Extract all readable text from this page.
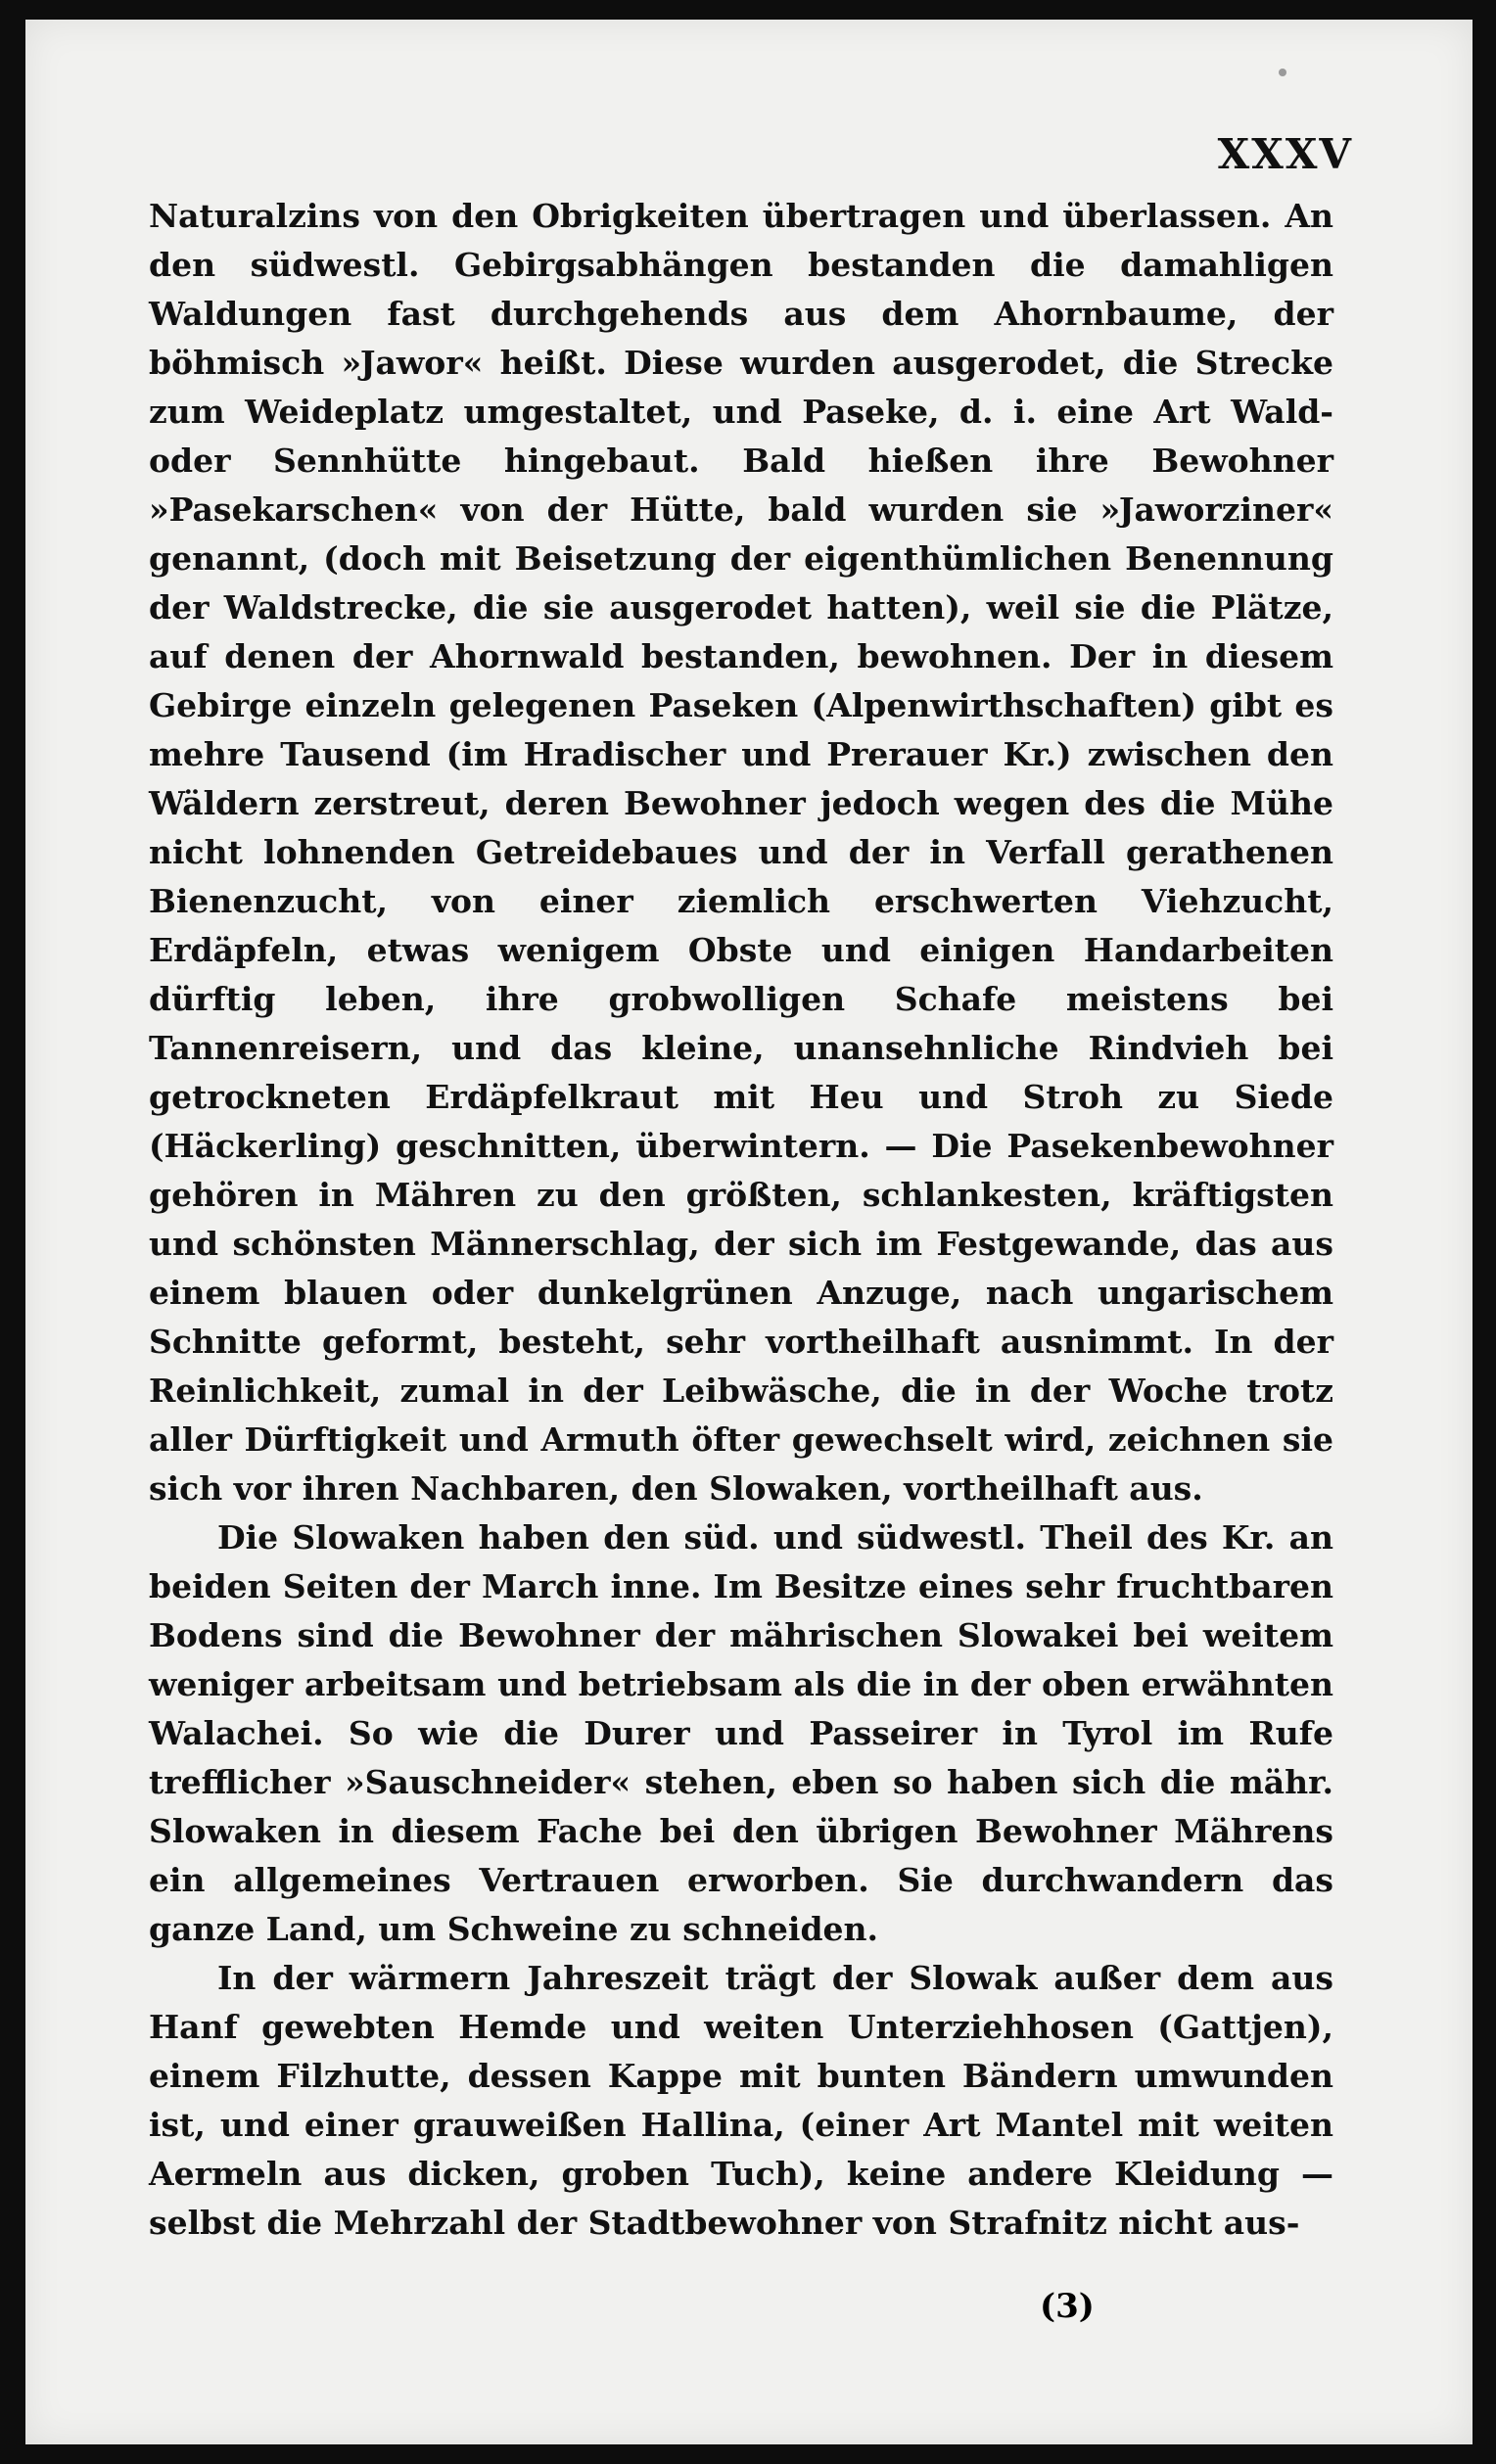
XXXV

Naturalzins von den Obrigkeiten übertragen und überlassen. An den südwestl. Gebirgsabhängen bestanden die damahligen Waldungen fast durchgehends aus dem Ahornbaume, der böhmisch »Jawor« heißt. Diese wurden ausgerodet, die Strecke zum Weideplatz umgestaltet, und Paseke, d. i. eine Art Wald- oder Sennhütte hingebaut. Bald hießen ihre Bewohner »Pasekarschen« von der Hütte, bald wurden sie »Jaworziner« genannt, (doch mit Beisetzung der eigenthümlichen Benennung der Waldstrecke, die sie ausgerodet hatten), weil sie die Plätze, auf denen der Ahornwald bestanden, bewohnen. Der in diesem Gebirge einzeln gelegenen Paseken (Alpenwirthschaften) gibt es mehre Tausend (im Hradischer und Prerauer Kr.) zwischen den Wäldern zerstreut, deren Bewohner jedoch wegen des die Mühe nicht lohnenden Getreidebaues und der in Verfall gerathenen Bienenzucht, von einer ziemlich erschwerten Viehzucht, Erdäpfeln, etwas wenigem Obste und einigen Handarbeiten dürftig leben, ihre grobwolligen Schafe meistens bei Tannenreisern, und das kleine, unansehnliche Rindvieh bei getrockneten Erdäpfelkraut mit Heu und Stroh zu Siede (Häckerling) geschnitten, überwintern. — Die Pasekenbewohner gehören in Mähren zu den größten, schlankesten, kräftigsten und schönsten Männerschlag, der sich im Festgewande, das aus einem blauen oder dunkelgrünen Anzuge, nach ungarischem Schnitte geformt, besteht, sehr vortheilhaft ausnimmt. In der Reinlichkeit, zumal in der Leibwäsche, die in der Woche trotz aller Dürftigkeit und Armuth öfter gewechselt wird, zeichnen sie sich vor ihren Nachbaren, den Slowaken, vortheilhaft aus.

Die Slowaken haben den süd. und südwestl. Theil des Kr. an beiden Seiten der March inne. Im Besitze eines sehr fruchtbaren Bodens sind die Bewohner der mährischen Slowakei bei weitem weniger arbeitsam und betriebsam als die in der oben erwähnten Walachei. So wie die Durer und Passeirer in Tyrol im Rufe trefflicher »Sauschneider« stehen, eben so haben sich die mähr. Slowaken in diesem Fache bei den übrigen Bewohner Mährens ein allgemeines Vertrauen erworben. Sie durchwandern das ganze Land, um Schweine zu schneiden.

In der wärmern Jahreszeit trägt der Slowak außer dem aus Hanf gewebten Hemde und weiten Unterziehhosen (Gattjen), einem Filzhutte, dessen Kappe mit bunten Bändern umwunden ist, und einer grauweißen Hallina, (einer Art Mantel mit weiten Aermeln aus dicken, groben Tuch), keine andere Kleidung — selbst die Mehrzahl der Stadtbewohner von Strafnitz nicht aus-

(3)
